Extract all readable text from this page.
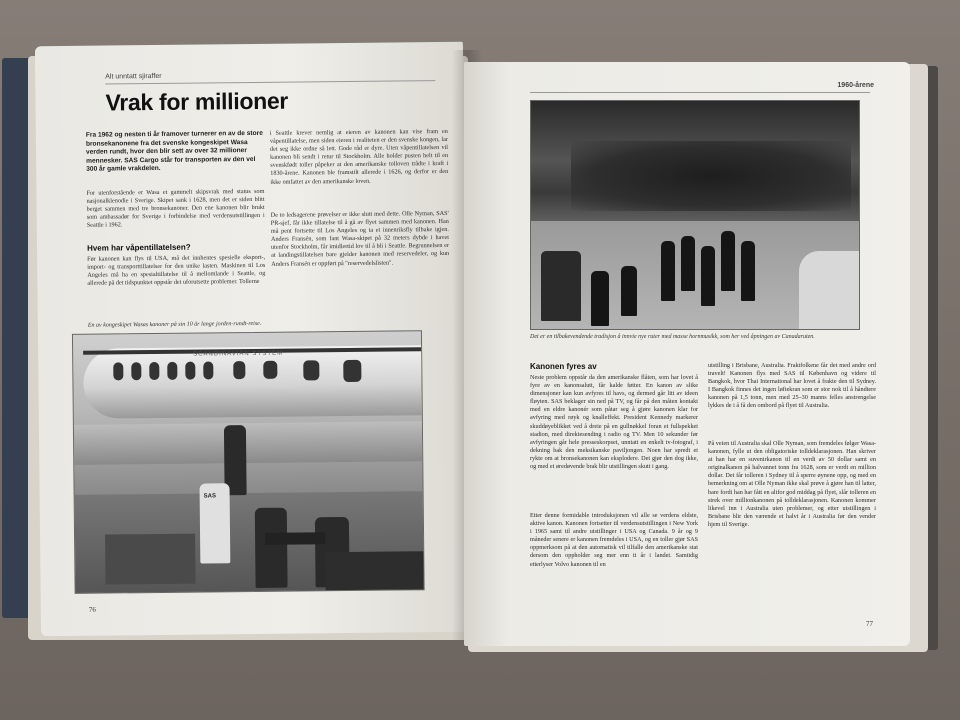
Alt unntatt sjiraffer
Vrak for millioner
Fra 1962 og nesten ti år framover turnerer en av de store bronsekanonene fra det svenske kongeskipet Wasa verden rundt, hvor den blir sett av over 32 millioner mennesker. SAS Cargo står for transporten av den vel 300 år gamle vrakdelen.
For utenforstående er Wasa et gammelt skipsvrak med status som nasjonalklenodie i Sverige. Skipet sank i 1628, men det er siden blitt berget sammen med tre bronsekanoner. Den ene kanonen blir brukt som ambassadør for Sverige i forbindelse med verdensutstillingen i Seattle i 1962.
Hvem har våpentillatelsen?
Før kanonen kan flys til USA, må det innhentes spesielle eksport-, import- og transporttillatelser for den unike lasten. Maskinen til Los Angeles må ha en spesialtillatelse til å mellomlande i Seattle, og allerede på det tidspunktet oppstår det uforutsette problemer. Tollerne
i Seattle krever nemlig at eieren av kanonen kan vise fram en våpentillatelse, men siden eieren i realiteten er den svenske kongen, lar det seg ikke ordne så lett. Gode råd er dyre. Uten våpentillatelsen vil kanonen bli sendt i retur til Stockholm. Alle holder pusten helt til en svenskfødt toller påpeker at den amerikanske tolloven trådte i kraft i 1830-årene. Kanonen ble framstilt allerede i 1626, og derfor er den ikke omfattet av den amerikanske loven.
De to ledsagerene prøvelser er ikke slutt med dette. Olle Nyman, SAS' PR-sjef, får ikke tillatelse til å gå av flyet sammen med kanonen. Han må pent fortsette til Los Angeles og ta et innenriksfly tilbake igjen. Anders Fransén, som fant Wasa-skipet på 32 meters dybde i havet utenfor Stockholm, får imidlertid lov til å bli i Seattle. Begrunnelsen er at landingstillatelsen bare gjelder kanonen med reservedeler, og kun Anders Fransén er oppført på "reservedelslisten".
En av kongeskipet Wasas kanoner på sin 10 år lange jorden-rundt-reise.
SCANDINAVIAN SYSTEM
SAS
76
1960-årene
Det er en tilbakevendende tradisjon å innvie nye ruter med masse hornmusikk, som her ved åpningen av Canadaruten.
Kanonen fyres av
Neste problem oppstår da den amerikanske flåten, som har lovet å fyre av en kanonsalutt, får kalde føtter. En kanon av slike dimensjoner kan kun avfyres til havs, og dermed går litt av ideen fløyten. SAS beklager sin ned på TV, og får på den måten kontakt med en eldre kanonér som påtar seg å gjøre kanonen klar for avfyring med røyk og knalleffekt. President Kennedy markerer skuddøyeblikket ved å dreie på en gullnøkkel foran et fullspekket stadion, med direktesending i radio og TV. Men 10 sekunder før avfyringen går hele presseskorpset, unntatt en enkelt tv-fotograf, i dekning bak den meksikanske paviljongen. Noen har spredt et rykte om at bronsekanonen kan eksplodere. Det gjør den dog ikke, og med et øredøvende brak blir utstillingen skutt i gang.
Etter denne formidable introduksjonen vil alle se verdens eldste, aktive kanon. Kanonen fortsetter til verdensutstillingen i New York i 1965 samt til andre utstillinger i USA og Canada. 9 år og 9 måneder senere er kanonen fremdeles i USA, og en toller gjør SAS oppmerksom på at den automatisk vil tilfalle den amerikanske stat dersom den oppholder seg mer enn ti år i landet. Samtidig etterlyser Volvo kanonen til en
utstilling i Brisbane, Australia. Fraktfolkene får det med andre ord travelt! Kanonen flys med SAS til København og videre til Bangkok, hvor Thai International har lovet å frakte den til Sydney. I Bangkok finnes det ingen løftekran som er stor nok til å håndtere kanonen på 1,5 tonn, men med 25–30 manns felles anstrengelse lykkes de i å få den ombord på flyet til Australia.
På veien til Australia skal Olle Nyman, som fremdeles følger Wasa-kanonen, fylle ut den obligatoriske tolldeklarasjonen. Han skriver at han har en suvenirkanon til en verdi av 50 dollar samt en originalkanon på halvannet tonn fra 1628, som er verdt en million dollar. Det får tolleren i Sydney til å sperre øynene opp, og med en bemerkning om at Olle Nyman ikke skal prøve å gjøre han til latter, bare fordi han har fått en altfor god middag på flyet, slår tolleren en strek over millionkanonen på tolldeklarasjonen. Kanonen kommer likevel inn i Australia uten problemer, og etter utstillingen i Brisbane blir den værende et halvt år i Australia før den vender hjem til Sverige.
77
